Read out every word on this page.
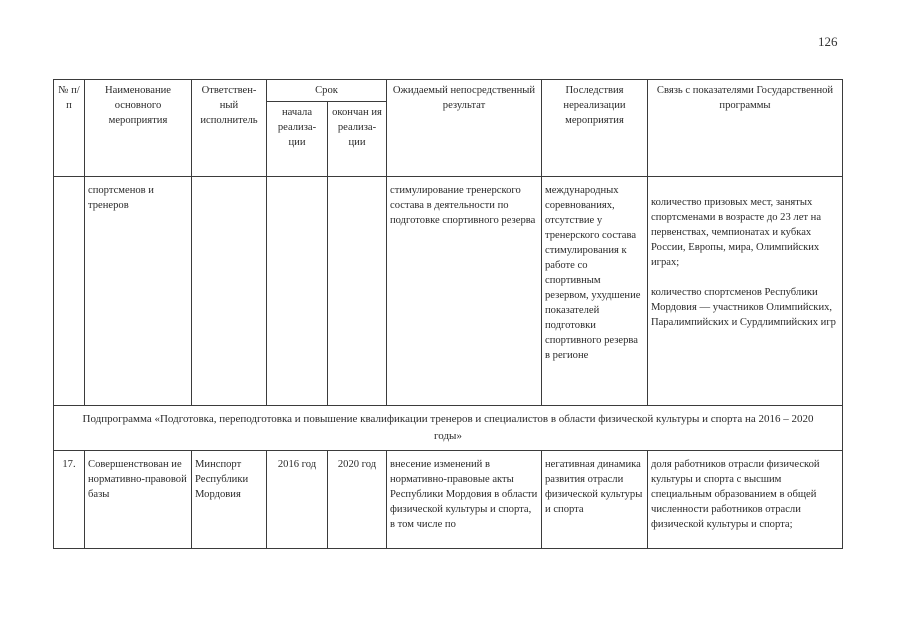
126
№ п/п	Наименование основного мероприятия	Ответствен-ный исполнитель	Срок		Ожидаемый непосредственный результат	Последствия нереализации мероприятия	Связь с показателями Государственной программы
			начала реализа-ции	окончан ия реализа-ции			
	спортсменов и тренеров				стимулирование тренерского состава в деятельности по подготовке спортивного резерва	международных соревнованиях, отсутствие у тренерского состава стимулирования к работе со спортивным резервом, ухудшение показателей подготовки спортивного резерва в регионе	количество призовых мест, занятых спортсменами в возрасте до 23 лет на первенствах, чемпионатах и кубках России, Европы, мира, Олимпийских играх;
количество спортсменов Республики Мордовия — участников Олимпийских, Паралимпийских и Сурдлимпийских игр

Подпрограмма «Подготовка, переподготовка и повышение квалификации тренеров и специалистов в области физической культуры и спорта на 2016 – 2020 годы»							
17.	Совершенствован ие нормативно-правовой базы	Минспорт Республики Мордовия	2016 год	2020 год	внесение изменений в нормативно-правовые акты Республики Мордовия в области физической культуры и спорта, в том числе по	негативная динамика развития отрасли физической культуры и спорта	доля работников отрасли физической культуры и спорта с высшим специальным образованием в общей численности работников отрасли физической культуры и спорта;
